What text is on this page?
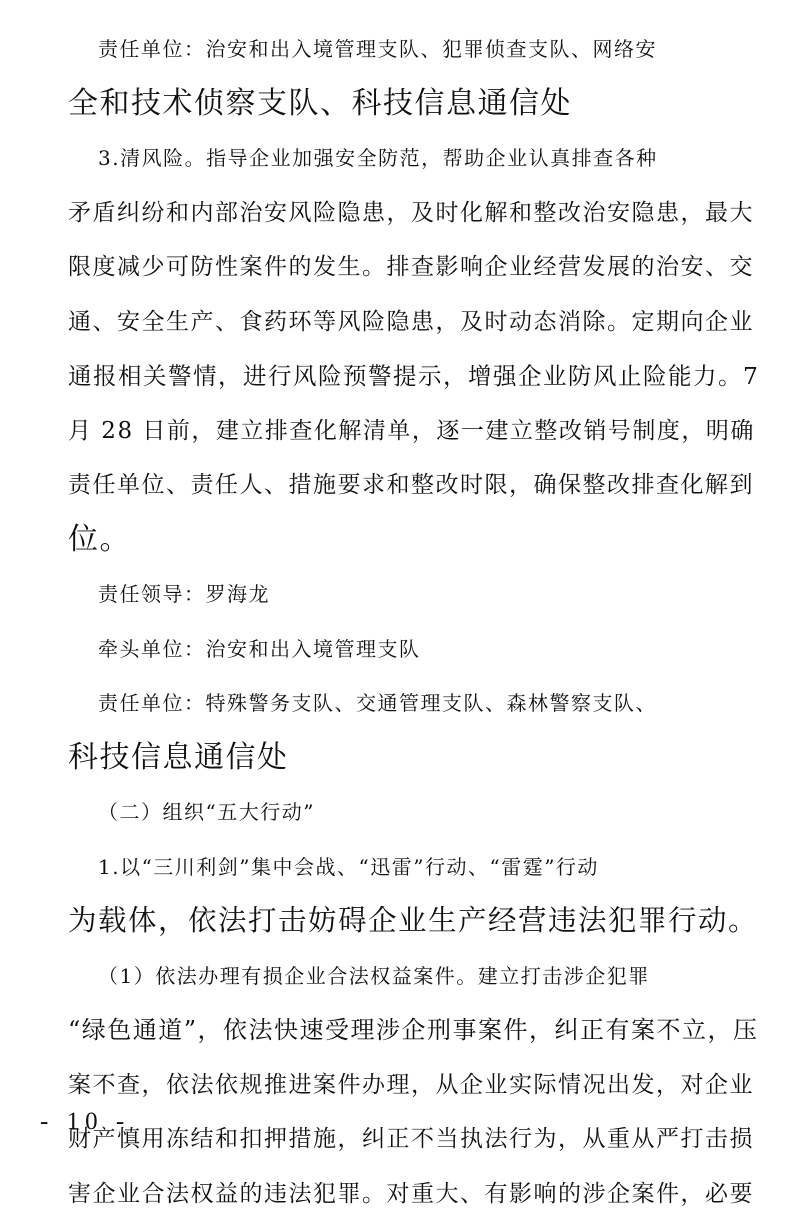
责任单位：治安和出入境管理支队、犯罪侦查支队、网络安
全和技术侦察支队、科技信息通信处
3.清风险。指导企业加强安全防范，帮助企业认真排查各种
矛盾纠纷和内部治安风险隐患，及时化解和整改治安隐患，最大
限度减少可防性案件的发生。排查影响企业经营发展的治安、交
通、安全生产、食药环等风险隐患，及时动态消除。定期向企业
通报相关警情，进行风险预警提示，增强企业防风止险能力。7
月 28 日前，建立排查化解清单，逐一建立整改销号制度，明确
责任单位、责任人、措施要求和整改时限，确保整改排查化解到
位。
责任领导：罗海龙
牵头单位：治安和出入境管理支队
责任单位：特殊警务支队、交通管理支队、森林警察支队、
科技信息通信处
（二）组织“五大行动”
1.以“三川利剑”集中会战、“迅雷”行动、“雷霆”行动
为载体，依法打击妨碍企业生产经营违法犯罪行动。
（1）依法办理有损企业合法权益案件。建立打击涉企犯罪
“绿色通道”，依法快速受理涉企刑事案件，纠正有案不立，压
案不查，依法依规推进案件办理，从企业实际情况出发，对企业
财产慎用冻结和扣押措施，纠正不当执法行为，从重从严打击损
害企业合法权益的违法犯罪。对重大、有影响的涉企案件，必要
- 10 -
